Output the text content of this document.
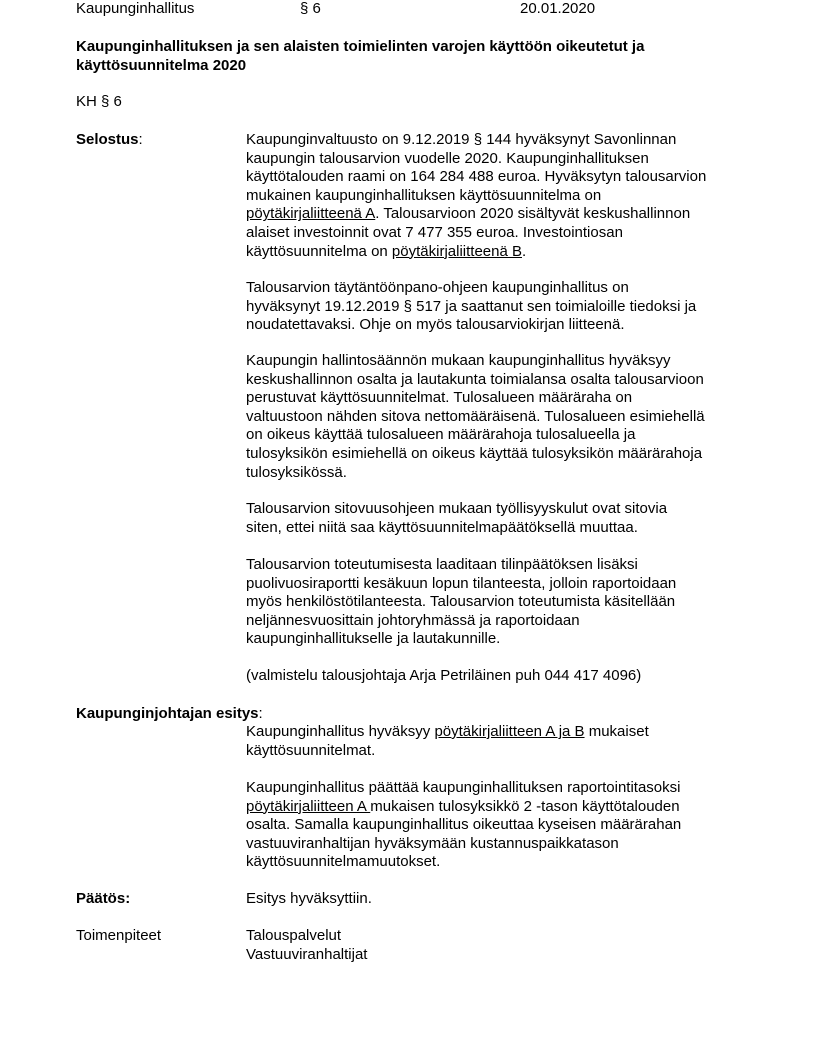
Kaupunginhallitus	§ 6	20.01.2020
Kaupunginhallituksen ja sen alaisten toimielinten varojen käyttöön oikeutetut ja
käyttösuunnitelma 2020
KH § 6
Selostus:	Kaupunginvaltuusto on 9.12.2019 § 144 hyväksynyt Savonlinnan
kaupungin talousarvion vuodelle 2020. Kaupunginhallituksen
käyttötalouden raami on 164 284 488 euroa. Hyväksytyn talousarvion
mukainen kaupunginhallituksen käyttösuunnitelma on
pöytäkirjaliitteenä A. Talousarvioon 2020 sisältyvät keskushallinnon
alaiset investoinnit ovat 7 477 355 euroa. Investointiosan
käyttösuunnitelma on pöytäkirjaliitteenä B.
Talousarvion täytäntöönpano-ohjeen kaupunginhallitus on
hyväksynyt 19.12.2019 § 517 ja saattanut sen toimialoille tiedoksi ja
noudatettavaksi. Ohje on myös talousarviokirjan liitteenä.
Kaupungin hallintosäännön mukaan kaupunginhallitus hyväksyy
keskushallinnon osalta ja lautakunta toimialansa osalta talousarvioon
perustuvat käyttösuunnitelmat. Tulosalueen määräraha on
valtuustoon nähden sitova nettomääräisenä. Tulosalueen esimiehellä
on oikeus käyttää tulosalueen määrärahoja tulosalueella ja
tulosyksikön esimiehellä on oikeus käyttää tulosyksikön määrärahoja
tulosyksikössä.
Talousarvion sitovuusohjeen mukaan työllisyyskulut ovat sitovia
siten, ettei niitä saa käyttösuunnitelmapäätöksellä muuttaa.
Talousarvion toteutumisesta laaditaan tilinpäätöksen lisäksi
puolivuosiraportti kesäkuun lopun tilanteesta, jolloin raportoidaan
myös henkilöstötilanteesta. Talousarvion toteutumista käsitellään
neljännesvuosittain johtoryhmässä ja raportoidaan
kaupunginhallitukselle ja lautakunnille.
(valmistelu talousjohtaja Arja Petriläinen puh 044 417 4096)
Kaupunginjohtajan esitys:
Kaupunginhallitus hyväksyy pöytäkirjaliitteen A ja B mukaiset
käyttösuunnitelmat.
Kaupunginhallitus päättää kaupunginhallituksen raportointitasoksi
pöytäkirjaliitteen A mukaisen tulosyksikkö 2 -tason käyttötalouden
osalta. Samalla kaupunginhallitus oikeuttaa kyseisen määrärahan
vastuuviranhaltijan hyväksymään kustannuspaikkatason
käyttösuunnitelmamuutokset.
Päätös:	Esitys hyväksyttiin.
Toimenpiteet	Talouspalvelut
Vastuuviranhaltijat
